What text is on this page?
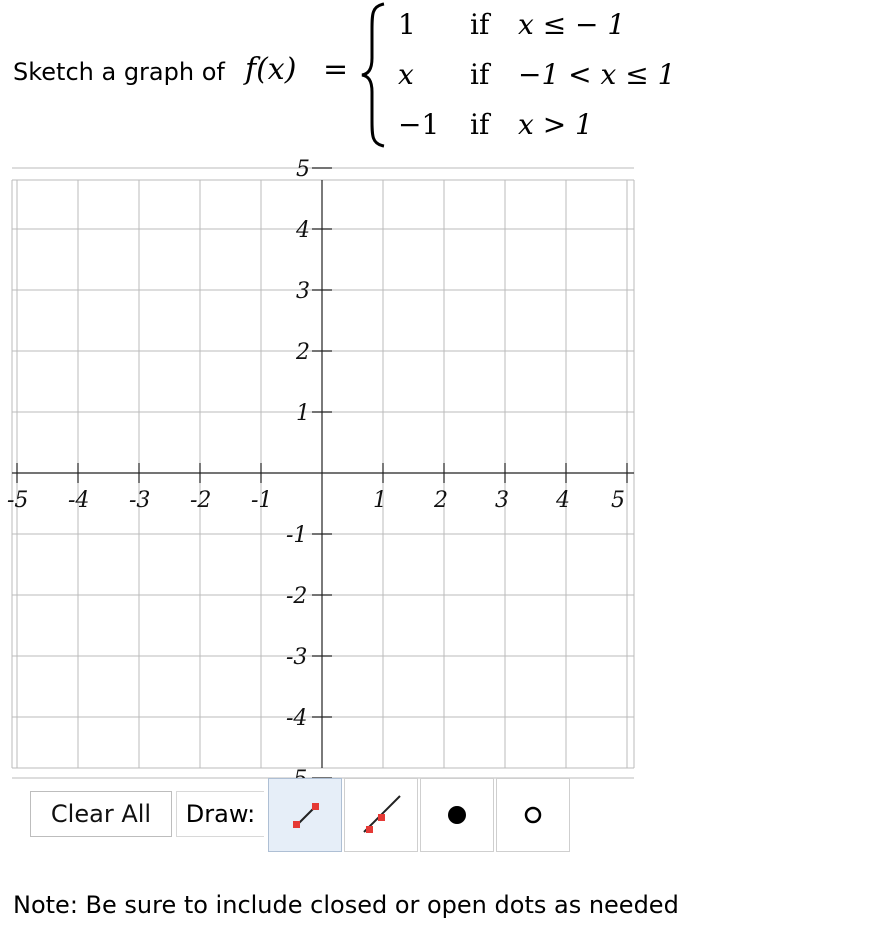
Sketch a graph of f(x) =
1 if x ≤ − 1
x if −1 < x ≤ 1
−1 if x > 1
-5 -4 -3 -2 -1	1 2 3 4 5
5
4
3
2
1
-1
-2
-3
-4
Clear All	Draw:
Note: Be sure to include closed or open dots as needed
